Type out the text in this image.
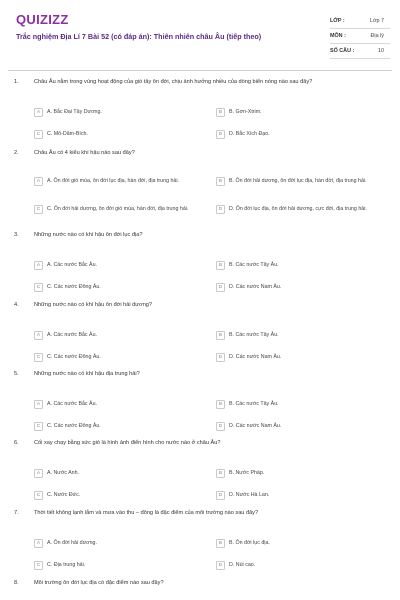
QUIZIZZ
Trắc nghiệm Địa Lí 7 Bài 52 (có đáp án): Thiên nhiên châu Âu (tiếp theo)
LỚP :	Lớp 7
MÔN :	Địa lý
SỐ CÂU :	10
1.	Châu Âu nằm trong vùng hoạt động của gió tây ôn đới, chịu ảnh hưởng nhiều của dòng biển nóng nào sau đây?
A	A. Bắc Đại Tây Dương.	B	B. Gơn-Xtrim.
C	C. Mô-Dăm-Bích.	D	D. Bắc Xích Đạo.
2.	Châu Âu có 4 kiểu khí hậu nào sau đây?
A	A. Ôn đới gió mùa, ôn đới lục địa, hàn đới, địa trung hải.	B	B. Ôn đới hải dương, ôn đới lục địa, hàn đới, địa trung hải.
C	C. Ôn đới hải dương, ôn đới gió mùa, hàn đới, địa trung hải.	D	D. Ôn đới lục địa, ôn đới hải dương, cực đới, địa trung hải.
3.	Những nước nào có khí hậu ôn đới lục địa?
A	A. Các nước Bắc Âu.	B	B. Các nước Tây Âu.
C	C. Các nước Đông Âu.	D	D. Các nước Nam Âu.
4.	Những nước nào có khí hậu ôn đới hải dương?
A	A. Các nước Bắc Âu.	B	B. Các nước Tây Âu.
C	C. Các nước Đông Âu.	D	D. Các nước Nam Âu.
5.	Những nước nào có khí hậu địa trung hải?
A	A. Các nước Bắc Âu.	B	B. Các nước Tây Âu.
C	C. Các nước Đông Âu.	D	D. Các nước Nam Âu.
6.	Cối xay chạy bằng sức gió là hình ảnh điển hình cho nước nào ở châu Âu?
A	A. Nước Anh.	B	B. Nước Pháp.
C	C. Nước Đức.	D	D. Nước Hà Lan.
7.	Thời tiết không lạnh lắm và mưa vào thu – đông là đặc điểm của môi trường nào sau đây?
A	A. Ôn đới hải dương.	B	B. Ôn đới lục địa.
C	C. Địa trung hải.	D	D. Núi cao.
8.	Môi trường ôn đới lục địa có đặc điểm nào sau đây?
